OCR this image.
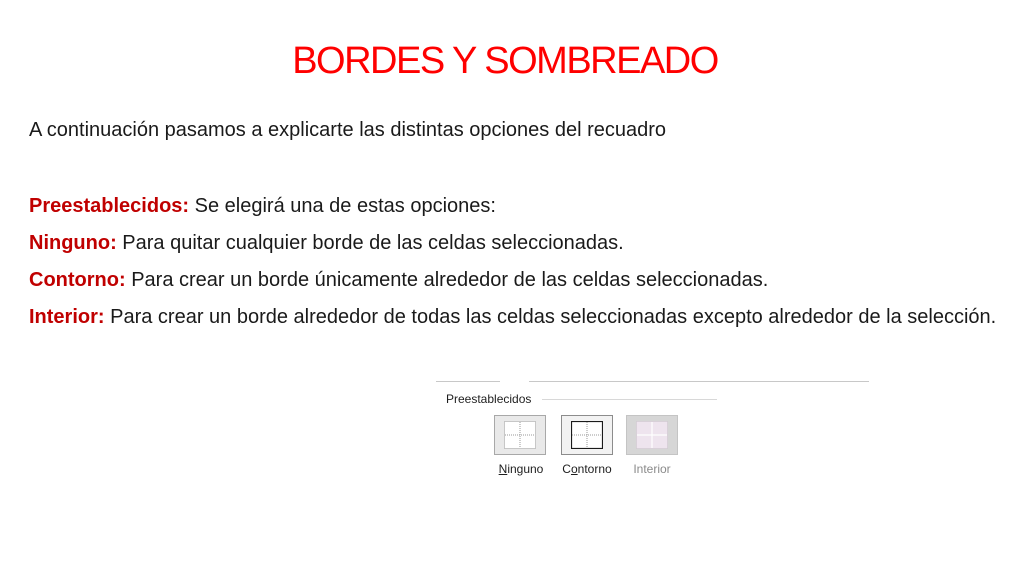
BORDES Y SOMBREADO

A continuación pasamos a explicarte las distintas opciones del recuadro

Preestablecidos: Se elegirá una de estas opciones:

Ninguno: Para quitar cualquier borde de las celdas seleccionadas.

Contorno: Para crear un borde únicamente alrededor de las celdas seleccionadas.

Interior: Para crear un borde alrededor de todas las celdas seleccionadas excepto alrededor de la selección.

Preestablecidos
Ninguno	Contorno	Interior
